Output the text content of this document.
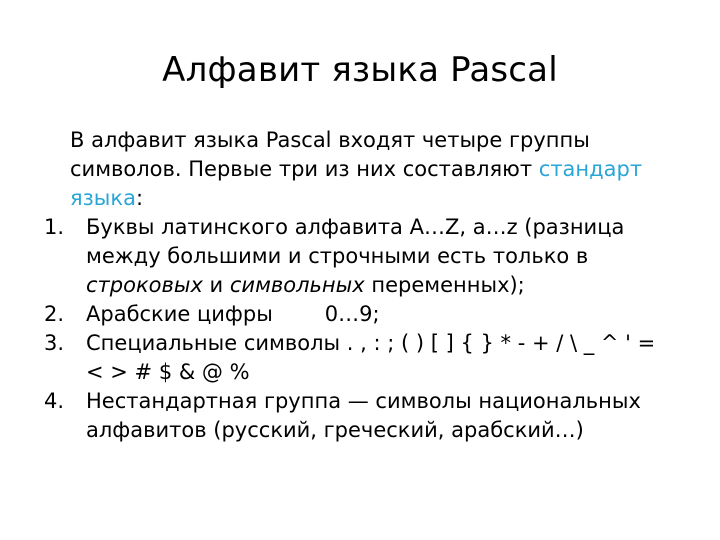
Алфавит языка Pascal

В алфавит языка Pascal входят четыре группы символов. Первые три из них составляют стандарт языка:

1.	Буквы латинского алфавита A…Z, a…z (разница между большими и строчными есть только в строковых и символьных переменных);
2.	Арабские цифры 0…9;
3.	Специальные символы . , : ; ( ) [ ] { } * - + / \ _ ^ ' = < > # $ & @ %
4.	Нестандартная группа — символы национальных алфавитов (русский, греческий, арабский…)
